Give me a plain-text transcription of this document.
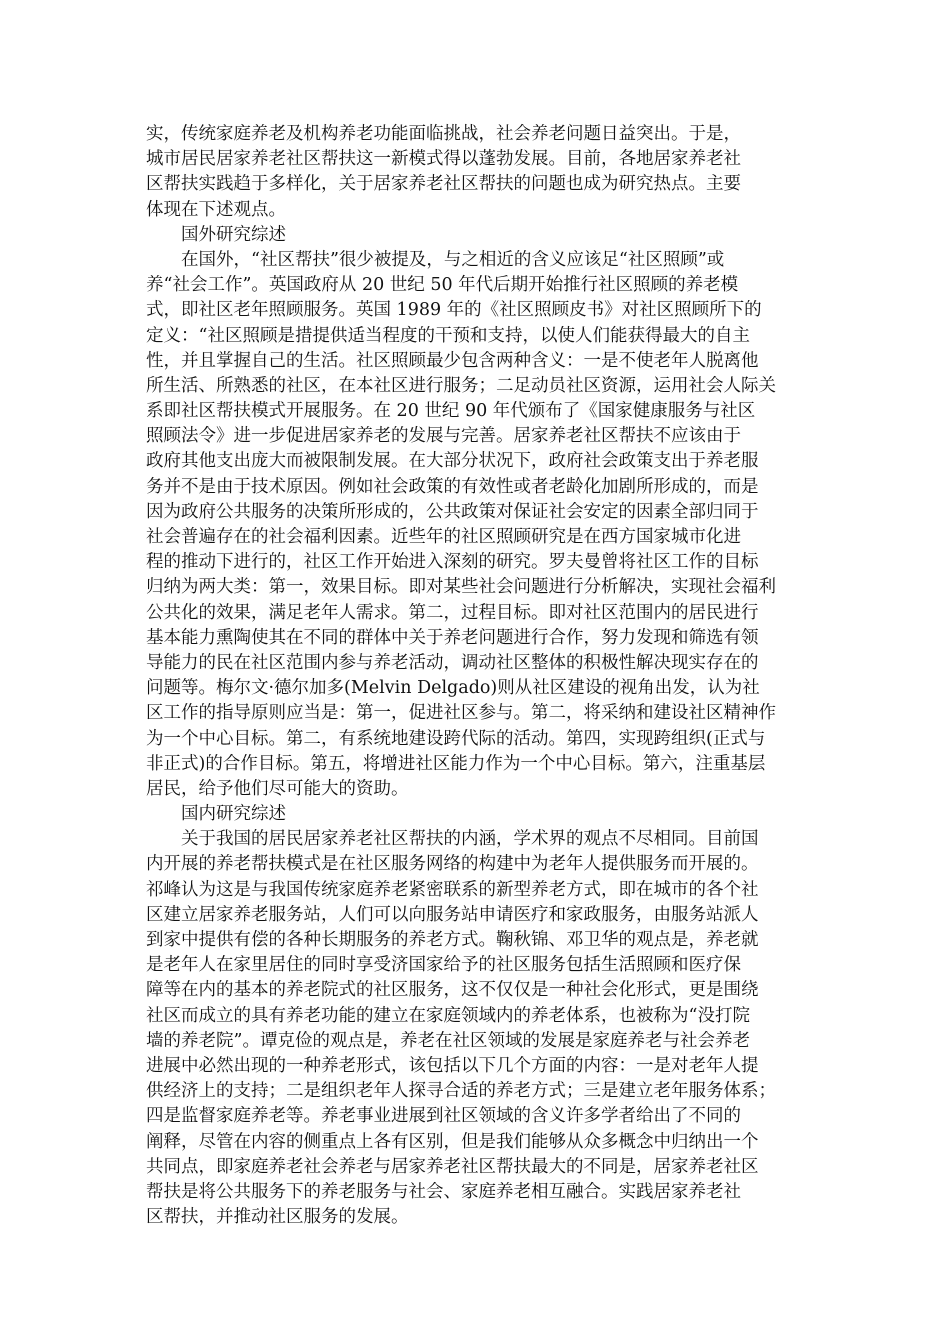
实，传统家庭养老及机构养老功能面临挑战，社会养老问题日益突出。于是，
城市居民居家养老社区帮扶这一新模式得以蓬勃发展。目前，各地居家养老社
区帮扶实践趋于多样化，关于居家养老社区帮扶的问题也成为研究热点。主要
体现在下述观点。
国外研究综述
在国外，“社区帮扶”很少被提及，与之相近的含义应该足“社区照顾”或
养“社会工作”。英国政府从 20 世纪 50 年代后期开始推行社区照顾的养老模
式，即社区老年照顾服务。英国 1989 年的《社区照顾皮书》对社区照顾所下的
定义：“社区照顾是措提供适当程度的干预和支持，以使人们能获得最大的自主
性，并且掌握自己的生活。社区照顾最少包含两种含义：一是不使老年人脱离他
所生活、所熟悉的社区，在本社区进行服务；二足动员社区资源，运用社会人际关
系即社区帮扶模式开展服务。在 20 世纪 90 年代颁布了《国家健康服务与社区
照顾法令》进一步促进居家养老的发展与完善。居家养老社区帮扶不应该由于
政府其他支出庞大而被限制发展。在大部分状况下，政府社会政策支出于养老服
务并不是由于技术原因。例如社会政策的有效性或者老龄化加剧所形成的，而是
因为政府公共服务的决策所形成的，公共政策对保证社会安定的因素全部归同于
社会普遍存在的社会福利因素。近些年的社区照顾研究是在西方国家城市化进
程的推动下进行的，社区工作开始进入深刻的研究。罗夫曼曾将社区工作的目标
归纳为两大类：第一，效果目标。即对某些社会问题进行分析解决，实现社会福利
公共化的效果，满足老年人需求。第二，过程目标。即对社区范围内的居民进行
基本能力熏陶使其在不同的群体中关于养老问题进行合作，努力发现和筛选有领
导能力的民在社区范围内参与养老活动，调动社区整体的积极性解决现实存在的
问题等。梅尔文·德尔加多(Melvin Delgado)则从社区建设的视角出发，认为社
区工作的指导原则应当是：第一，促进社区参与。第二，将采纳和建设社区精神作
为一个中心目标。第二，有系统地建设跨代际的活动。第四，实现跨组织(正式与
非正式)的合作目标。第五，将增进社区能力作为一个中心目标。第六，注重基层
居民，给予他们尽可能大的资助。
国内研究综述
关于我国的居民居家养老社区帮扶的内涵，学术界的观点不尽相同。目前国
内开展的养老帮扶模式是在社区服务网络的构建中为老年人提供服务而开展的。
祁峰认为这是与我国传统家庭养老紧密联系的新型养老方式，即在城市的各个社
区建立居家养老服务站，人们可以向服务站申请医疗和家政服务，由服务站派人
到家中提供有偿的各种长期服务的养老方式。鞠秋锦、邓卫华的观点是，养老就
是老年人在家里居住的同时享受济国家给予的社区服务包括生活照顾和医疗保
障等在内的基本的养老院式的社区服务，这不仅仅是一种社会化形式，更是围绕
社区而成立的具有养老功能的建立在家庭领域内的养老体系，也被称为“没打院
墙的养老院”。谭克俭的观点是，养老在社区领域的发展是家庭养老与社会养老
进展中必然出现的一种养老形式，该包括以下几个方面的内容：一是对老年人提
供经济上的支持；二是组织老年人探寻合适的养老方式；三是建立老年服务体系；
四是监督家庭养老等。养老事业进展到社区领域的含义许多学者给出了不同的
阐释，尽管在内容的侧重点上各有区别，但是我们能够从众多概念中归纳出一个
共同点，即家庭养老社会养老与居家养老社区帮扶最大的不同是，居家养老社区
帮扶是将公共服务下的养老服务与社会、家庭养老相互融合。实践居家养老社
区帮扶，并推动社区服务的发展。
